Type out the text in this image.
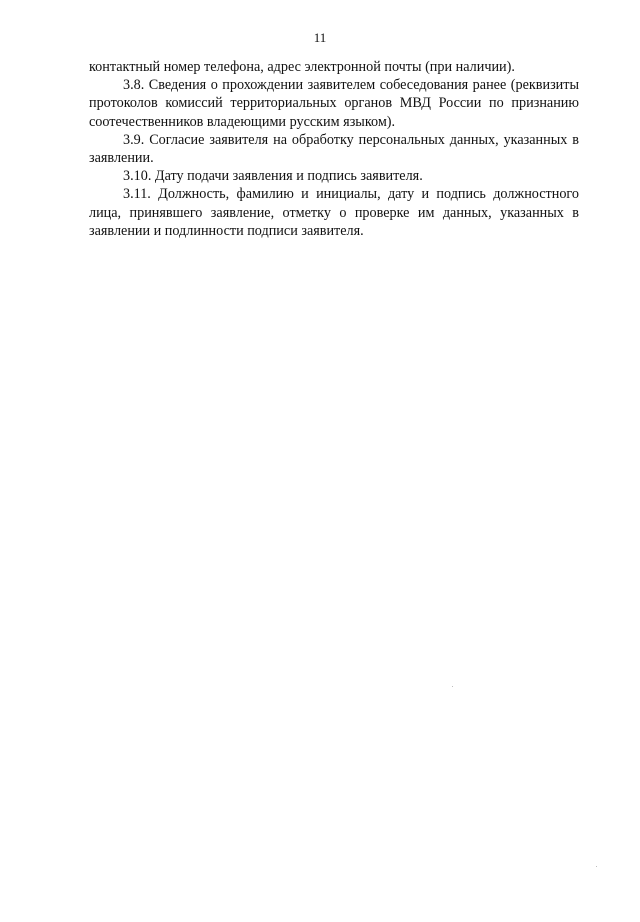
11

контактный номер телефона, адрес электронной почты (при наличии).

3.8. Сведения о прохождении заявителем собеседования ранее (реквизиты протоколов комиссий территориальных органов МВД России по признанию соотечественников владеющими русским языком).

3.9. Согласие заявителя на обработку персональных данных, указанных в заявлении.

3.10. Дату подачи заявления и подпись заявителя.

3.11. Должность, фамилию и инициалы, дату и подпись должностного лица, принявшего заявление, отметку о проверке им данных, указанных в заявлении и подлинности подписи заявителя.
